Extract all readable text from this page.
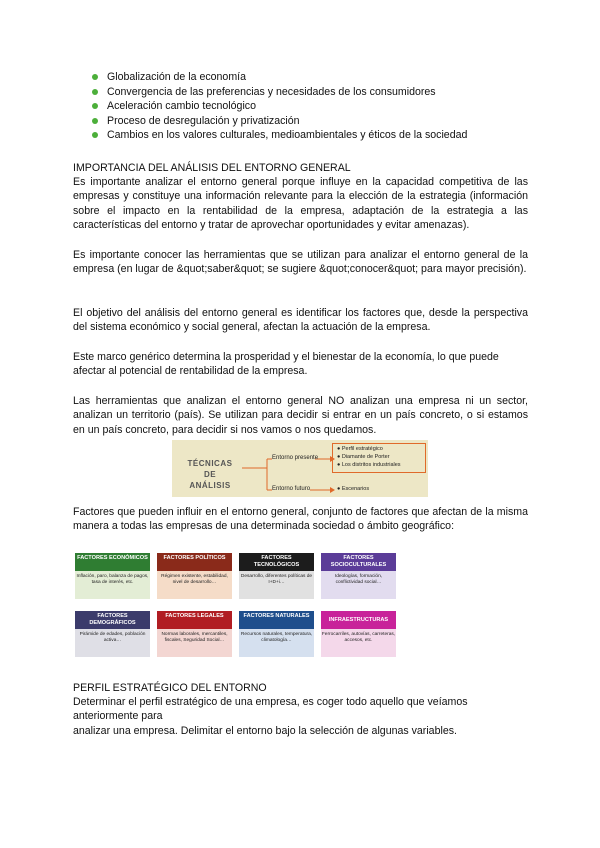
Globalización de la economía
Convergencia de las preferencias y necesidades de los consumidores
Aceleración cambio tecnológico
Proceso de desregulación y privatización
Cambios en los valores culturales, medioambientales y éticos de la sociedad
IMPORTANCIA DEL ANÁLISIS DEL ENTORNO GENERAL
Es importante analizar el entorno general porque influye en la capacidad competitiva de las empresas y constituye una información relevante para la elección de la estrategia (información sobre el impacto en la rentabilidad de la empresa, adaptación de la estrategia a las características del entorno y tratar de aprovechar oportunidades y evitar amenazas).
Es importante conocer las herramientas que se utilizan para analizar el entorno general de la empresa (en lugar de &quot;saber&quot; se sugiere &quot;conocer&quot; para mayor precisión).
El objetivo del análisis del entorno general es identificar los factores que, desde la perspectiva del sistema económico y social general, afectan la actuación de la empresa.
Este marco genérico determina la prosperidad y el bienestar de la economía, lo que puede afectar al potencial de rentabilidad de la empresa.
Las herramientas que analizan el entorno general NO analizan una empresa ni un sector, analizan un territorio (país). Se utilizan para decidir si entrar en un país concreto, o si estamos en un país concreto, para decidir si nos vamos o nos quedamos.
TÉCNICAS
DE
ANÁLISIS
Entorno presente
Entorno futuro
● Perfil estratégico
● Diamante de Porter
● Los distritos industriales
● Escenarios
Factores que pueden influir en el entorno general, conjunto de factores que afectan de la misma manera a todas las empresas de una determinada sociedad o ámbito geográfico:
FACTORES ECONÓMICOS
Inflación, paro, balanza de pagos, tasa de interés, etc.
FACTORES POLÍTICOS
Régimen existente, estabilidad, nivel de desarrollo…
FACTORES TECNOLÓGICOS
Desarrollo, diferentes políticas de I+D+i…
FACTORES SOCIOCULTURALES
Ideologías, formación, conflictividad social…
FACTORES DEMOGRÁFICOS
Pirámide de edades, población activa…
FACTORES LEGALES
Normas laborales, mercantiles, fiscales, Seguridad Social…
FACTORES NATURALES
Recursos naturales, temperatura, climatología…
INFRAESTRUCTURAS
Ferrocarriles, autovías, carreteras, accesos, etc.
PERFIL ESTRATÉGICO DEL ENTORNO
Determinar el perfil estratégico de una empresa, es coger todo aquello que veíamos
anteriormente para
analizar una empresa. Delimitar el entorno bajo la selección de algunas variables.
